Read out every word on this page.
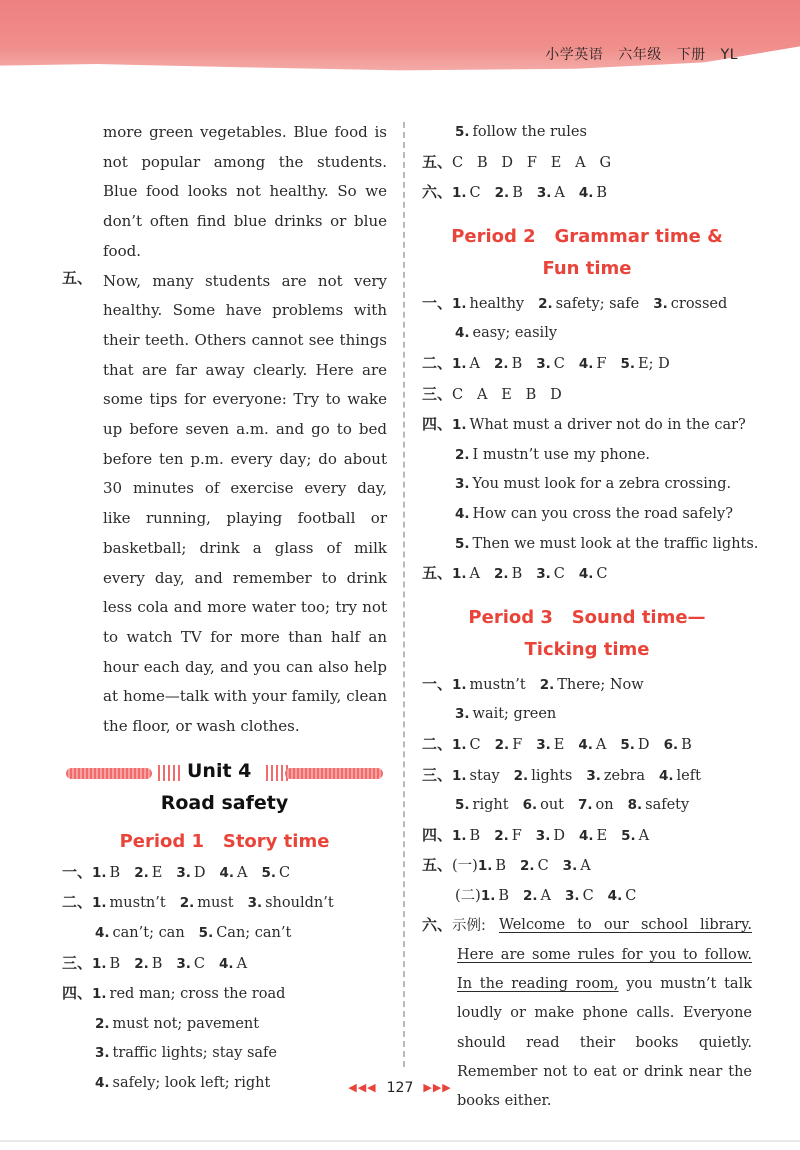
小学英语 六年级 下册 YL
more green vegetables. Blue food is not popular among the students. Blue food looks not healthy. So we don’t often find blue drinks or blue food.
五、 Now, many students are not very healthy. Some have problems with their teeth. Others cannot see things that are far away clearly. Here are some tips for everyone: Try to wake up before seven a.m. and go to bed before ten p.m. every day; do about 30 minutes of exercise every day, like running, playing football or basketball; drink a glass of milk every day, and remember to drink less cola and more water too; try not to watch TV for more than half an hour each day, and you can also help at home—talk with your family, clean the floor, or wash clothes.
Unit 4
Road safety
Period 1   Story time
一、1. B 2. E 3. D 4. A 5. C
二、1. mustn’t 2. must 3. shouldn’t
4. can’t; can 5. Can; can’t
三、1. B 2. B 3. C 4. A
四、1. red man; cross the road
2. must not; pavement
3. traffic lights; stay safe
4. safely; look left; right
5. follow the rules
五、C   B   D   F   E   A   G
六、1. C 2. B 3. A 4. B
Period 2   Grammar time &
Fun time
一、1. healthy 2. safety; safe 3. crossed
4. easy; easily
二、1. A 2. B 3. C 4. F 5. E; D
三、C   A   E   B   D
四、1. What must a driver not do in the car?
2. I mustn’t use my phone.
3. You must look for a zebra crossing.
4. How can you cross the road safely?
5. Then we must look at the traffic lights.
五、1. A 2. B 3. C 4. C
Period 3   Sound time—
Ticking time
一、1. mustn’t 2. There; Now
3. wait; green
二、1. C 2. F 3. E 4. A 5. D 6. B
三、1. stay 2. lights 3. zebra 4. left
5. right 6. out 7. on 8. safety
四、1. B 2. F 3. D 4. E 5. A
五、(一)1. B 2. C 3. A
(二)1. B 2. A 3. C 4. C
六、示例: Welcome to our school library. Here are some rules for you to follow. In the reading room, you mustn’t talk loudly or make phone calls. Everyone should read their books quietly. Remember not to eat or drink near the books either.
◀◀◀ 127 ▶▶▶
